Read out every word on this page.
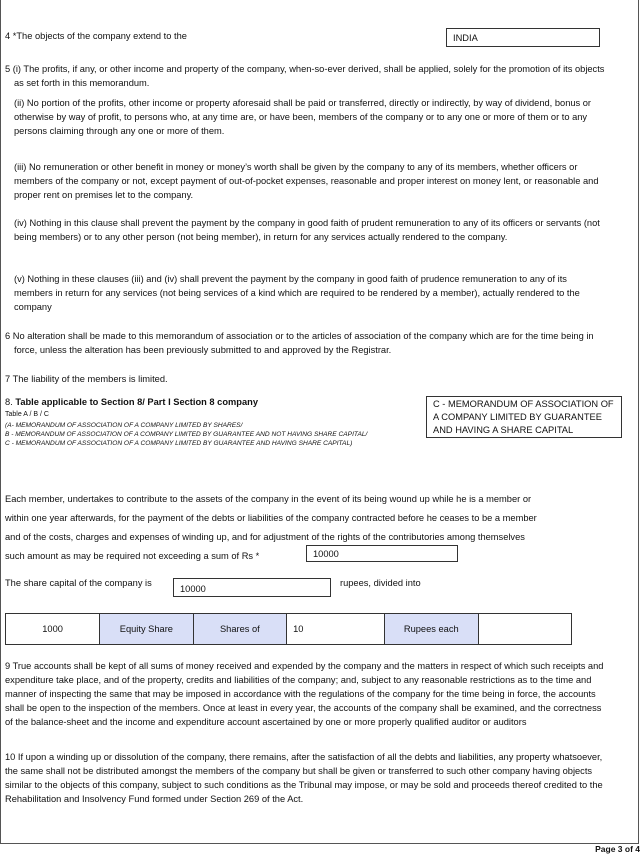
4 *The objects of the company extend to the	INDIA
5 (i) The profits, if any, or other income and property of the company, when-so-ever derived, shall be applied, solely for the promotion of its objects as set forth in this memorandum.
(ii) No portion of the profits, other income or property aforesaid shall be paid or transferred, directly or indirectly, by way of dividend, bonus or otherwise by way of profit, to persons who, at any time are, or have been, members of the company or to any one or more of them or to any persons claiming through any one or more of them.
(iii) No remuneration or other benefit in money or money’s worth shall be given by the company to any of its members, whether officers or members of the company or not, except payment of out-of-pocket expenses, reasonable and proper interest on money lent, or reasonable and proper rent on premises let to the company.
(iv) Nothing in this clause shall prevent the payment by the company in good faith of prudent remuneration to any of its officers or servants (not being members) or to any other person (not being member), in return for any services actually rendered to the company.
(v) Nothing in these clauses (iii) and (iv) shall prevent the payment by the company in good faith of prudence remuneration to any of its members in return for any services (not being services of a kind which are required to be rendered by a member), actually rendered to the company
6 No alteration shall be made to this memorandum of association or to the articles of association of the company which are for the time being in force, unless the alteration has been previously submitted to and approved by the Registrar.
7 The liability of the members is limited.
8. Table applicable to Section 8/ Part I Section 8 company
Table A / B / C
(A- MEMORANDUM OF ASSOCIATION OF A COMPANY LIMITED BY SHARES/
B - MEMORANDUM OF ASSOCIATION OF A COMPANY LIMITED BY GUARANTEE AND NOT HAVING SHARE CAPITAL/
C - MEMORANDUM OF ASSOCIATION OF A COMPANY LIMITED BY GUARANTEE AND HAVING SHARE CAPITAL)
C - MEMORANDUM OF ASSOCIATION OF
A COMPANY LIMITED BY GUARANTEE
AND HAVING A SHARE CAPITAL
Each member, undertakes to contribute to the assets of the company in the event of its being wound up while he is a member or
within one year afterwards, for the payment of the debts or liabilities of the company contracted before he ceases to be a member
and of the costs, charges and expenses of winding up, and for adjustment of the rights of the contributories among themselves
such amount as may be required not exceeding a sum of Rs *	10000
The share capital of the company is
10000
rupees, divided into
1000	Equity Share	Shares of	10	Rupees each	
9 True accounts shall be kept of all sums of money received and expended by the company and the matters in respect of which such receipts and expenditure take place, and of the property, credits and liabilities of the company; and, subject to any reasonable restrictions as to the time and manner of inspecting the same that may be imposed in accordance with the regulations of the company for the time being in force, the accounts shall be open to the inspection of the members. Once at least in every year, the accounts of the company shall be examined, and the correctness of the balance-sheet and the income and expenditure account ascertained by one or more properly qualified auditor or auditors
10 If upon a winding up or dissolution of the company, there remains, after the satisfaction of all the debts and liabilities, any property whatsoever, the same shall not be distributed amongst the members of the company but shall be given or transferred to such other company having objects similar to the objects of this company, subject to such conditions as the Tribunal may impose, or may be sold and proceeds thereof credited to the Rehabilitation and Insolvency Fund formed under Section 269 of the Act.
Page 3 of 4
